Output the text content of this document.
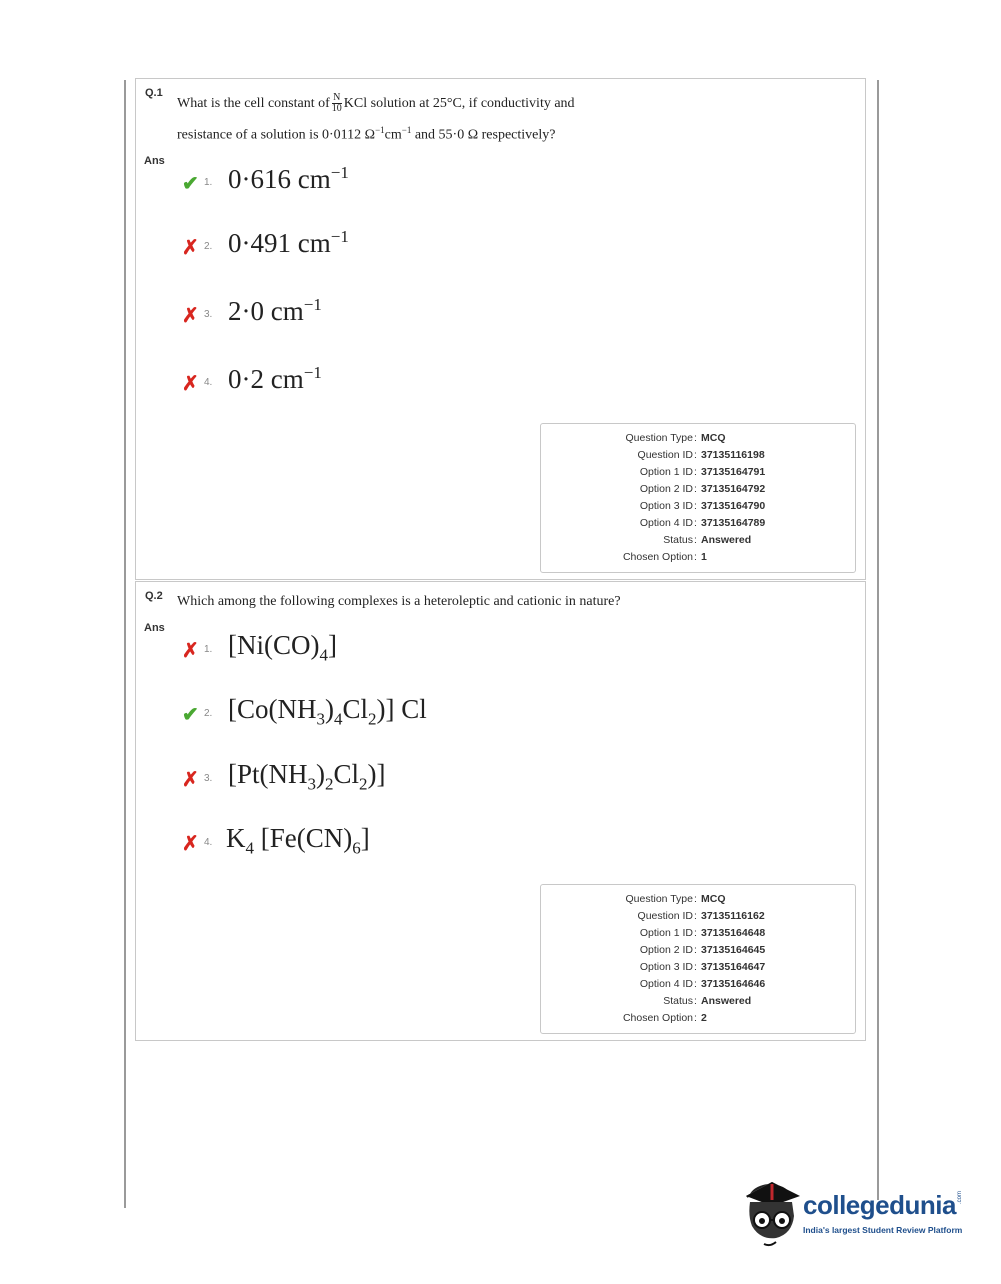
Q.1
What is the cell constant of $\frac{N}{10}$ KCl solution at 25°C, if conductivity and
resistance of a solution is 0·0112 $\Omega^{-1}cm^{-1}$ and 55·0 Ω respectively?
Ans
✔ 1. 0·616 $cm^{-1}$
✗ 2. 0·491 $cm^{-1}$
✗ 3. 2·0 $cm^{-1}$
✗ 4. 0·2 $cm^{-1}$
Question Type : MCQ
Question ID : 37135116198
Option 1 ID : 37135164791
Option 2 ID : 37135164792
Option 3 ID : 37135164790
Option 4 ID : 37135164789
Status : Answered
Chosen Option : 1
Q.2 Which among the following complexes is a heteroleptic and cationic in nature?
Ans
✗ 1. $[Ni(CO)_4]$
✔ 2. $[Co(NH_3)_4Cl_2)$] Cl
✗ 3. $[Pt(NH_3)_2Cl_2)$]
✗ 4. $K_4$ $[Fe(CN)_6]$
Question Type : MCQ
Question ID : 37135116162
Option 1 ID : 37135164648
Option 2 ID : 37135164645
Option 3 ID : 37135164647
Option 4 ID : 37135164646
Status : Answered
Chosen Option : 2
collegedunia .com
India's largest Student Review Platform
